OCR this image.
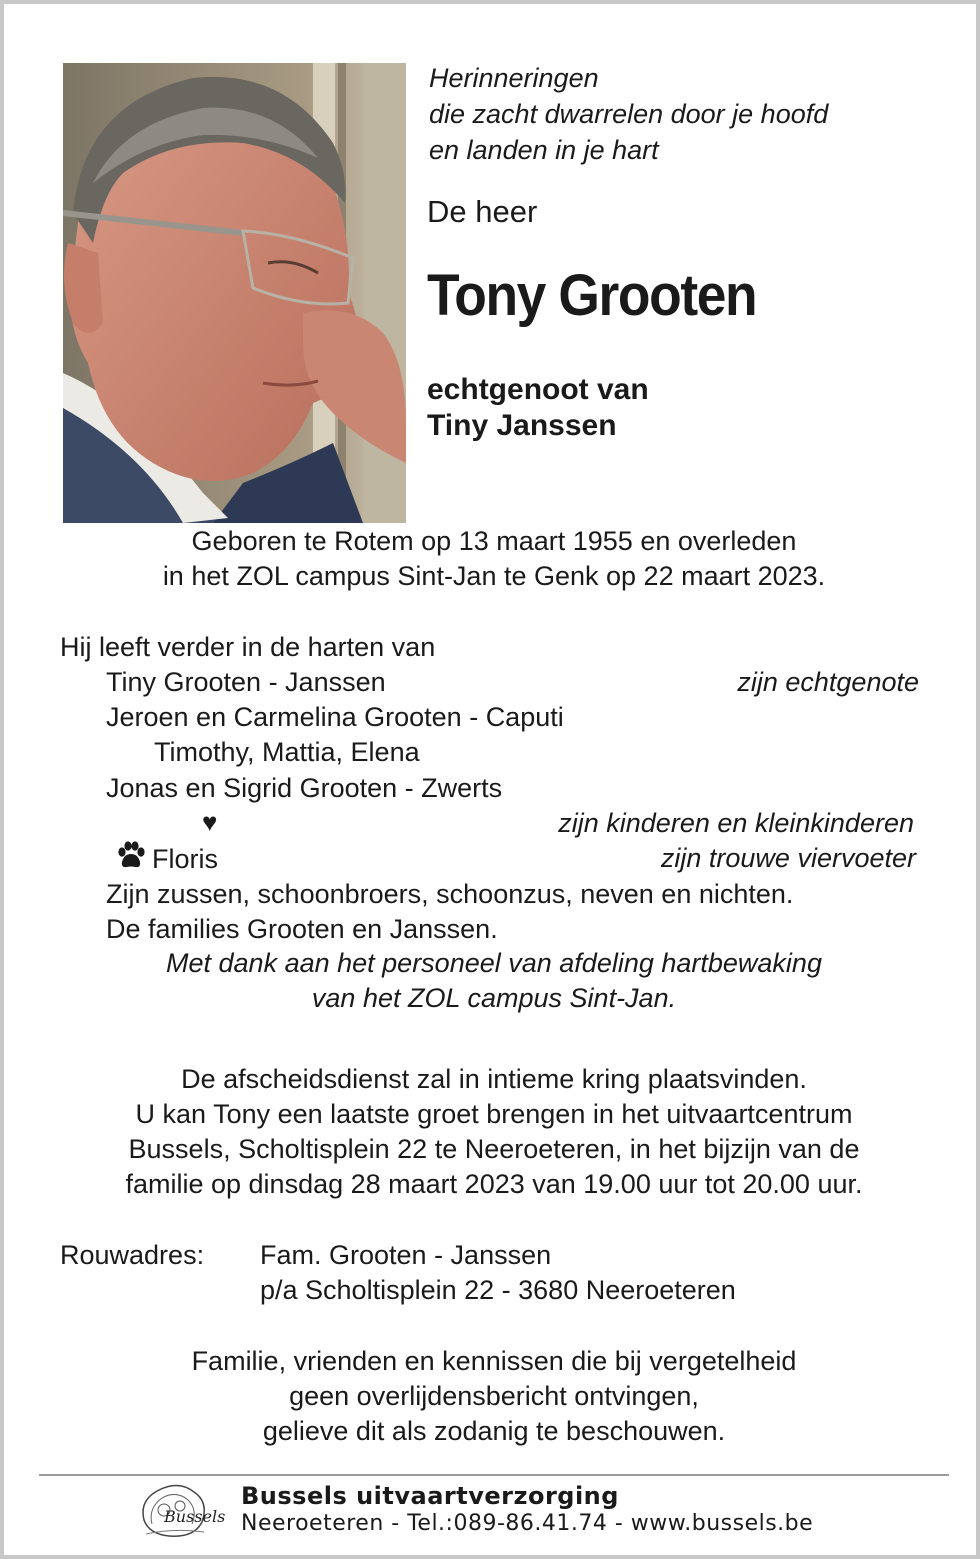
Herinneringen
die zacht dwarrelen door je hoofd
en landen in je hart
De heer
Tony Grooten
echtgenoot van
Tiny Janssen
Geboren te Rotem op 13 maart 1955 en overleden
in het ZOL campus Sint-Jan te Genk op 22 maart 2023.
Hij leeft verder in de harten van
Tiny Grooten - Janssen	zijn echtgenote
Jeroen en Carmelina Grooten - Caputi
Timothy, Mattia, Elena
Jonas en Sigrid Grooten - Zwerts
♥	zijn kinderen en kleinkinderen
Floris	zijn trouwe viervoeter
Zijn zussen, schoonbroers, schoonzus, neven en nichten.
De families Grooten en Janssen.
Met dank aan het personeel van afdeling hartbewaking
van het ZOL campus Sint-Jan.
De afscheidsdienst zal in intieme kring plaatsvinden.
U kan Tony een laatste groet brengen in het uitvaartcentrum
Bussels, Scholtisplein 22 te Neeroeteren, in het bijzijn van de
familie op dinsdag 28 maart 2023 van 19.00 uur tot 20.00 uur.
Rouwadres: Fam. Grooten - Janssen
p/a Scholtisplein 22 - 3680 Neeroeteren
Familie, vrienden en kennissen die bij vergetelheid
geen overlijdensbericht ontvingen,
gelieve dit als zodanig te beschouwen.
Bussels
Bussels uitvaartverzorging
Neeroeteren - Tel.:089-86.41.74 - www.bussels.be
